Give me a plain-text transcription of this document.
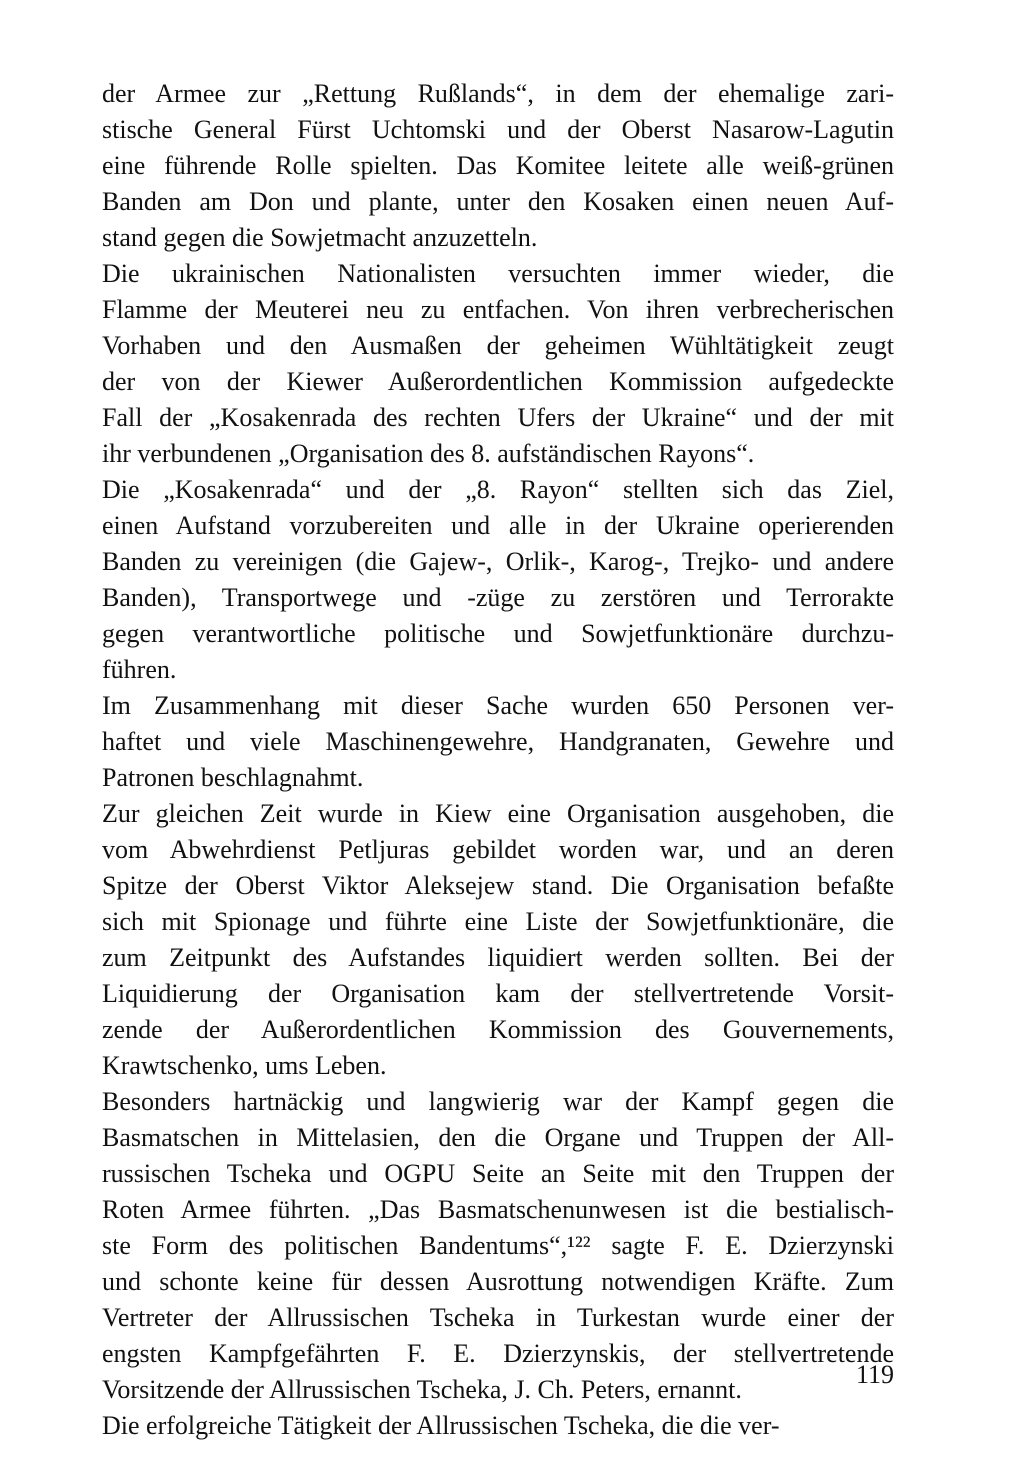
der Armee zur „Rettung Rußlands“, in dem der ehemalige zari-
stische General Fürst Uchtomski und der Oberst Nasarow-Lagutin
eine führende Rolle spielten. Das Komitee leitete alle weiß-grünen
Banden am Don und plante, unter den Kosaken einen neuen Auf-
stand gegen die Sowjetmacht anzuzetteln.
Die ukrainischen Nationalisten versuchten immer wieder, die
Flamme der Meuterei neu zu entfachen. Von ihren verbrecherischen
Vorhaben und den Ausmaßen der geheimen Wühltätigkeit zeugt
der von der Kiewer Außerordentlichen Kommission aufgedeckte
Fall der „Kosakenrada des rechten Ufers der Ukraine“ und der mit
ihr verbundenen „Organisation des 8. aufständischen Rayons“.
Die „Kosakenrada“ und der „8. Rayon“ stellten sich das Ziel,
einen Aufstand vorzubereiten und alle in der Ukraine operierenden
Banden zu vereinigen (die Gajew-, Orlik-, Karog-, Trejko- und andere
Banden), Transportwege und -züge zu zerstören und Terrorakte
gegen verantwortliche politische und Sowjetfunktionäre durchzu-
führen.
Im Zusammenhang mit dieser Sache wurden 650 Personen ver-
haftet und viele Maschinengewehre, Handgranaten, Gewehre und
Patronen beschlagnahmt.
Zur gleichen Zeit wurde in Kiew eine Organisation ausgehoben, die
vom Abwehrdienst Petljuras gebildet worden war, und an deren
Spitze der Oberst Viktor Aleksejew stand. Die Organisation befaßte
sich mit Spionage und führte eine Liste der Sowjetfunktionäre, die
zum Zeitpunkt des Aufstandes liquidiert werden sollten. Bei der
Liquidierung der Organisation kam der stellvertretende Vorsit-
zende der Außerordentlichen Kommission des Gouvernements,
Krawtschenko, ums Leben.
Besonders hartnäckig und langwierig war der Kampf gegen die
Basmatschen in Mittelasien, den die Organe und Truppen der All-
russischen Tscheka und OGPU Seite an Seite mit den Truppen der
Roten Armee führten. „Das Basmatschenunwesen ist die bestialisch-
ste Form des politischen Bandentums“,¹²² sagte F. E. Dzierzynski
und schonte keine für dessen Ausrottung notwendigen Kräfte. Zum
Vertreter der Allrussischen Tscheka in Turkestan wurde einer der
engsten Kampfgefährten F. E. Dzierzynskis, der stellvertretende
Vorsitzende der Allrussischen Tscheka, J. Ch. Peters, ernannt.
Die erfolgreiche Tätigkeit der Allrussischen Tscheka, die die ver-
119
